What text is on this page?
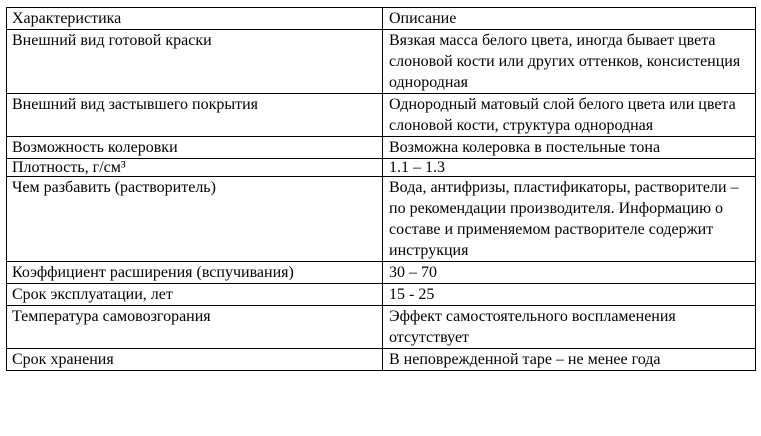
Характеристика	Описание
Внешний вид готовой краски	Вязкая масса белого цвета, иногда бывает цвета слоновой кости или других оттенков, консистенция однородная
Внешний вид застывшего покрытия	Однородный матовый слой белого цвета или цвета слоновой кости, структура однородная
Возможность колеровки	Возможна колеровка в постельные тона
Плотность, г/см³	1.1 – 1.3
Чем разбавить (растворитель)	Вода, антифризы, пластификаторы, растворители – по рекомендации производителя. Информацию о составе и применяемом растворителе содержит инструкция
Коэффициент расширения (вспучивания)	30 – 70
Срок эксплуатации, лет	15 - 25
Температура самовозгорания	Эффект самостоятельного воспламенения отсутствует
Срок хранения	В неповрежденной таре – не менее года
